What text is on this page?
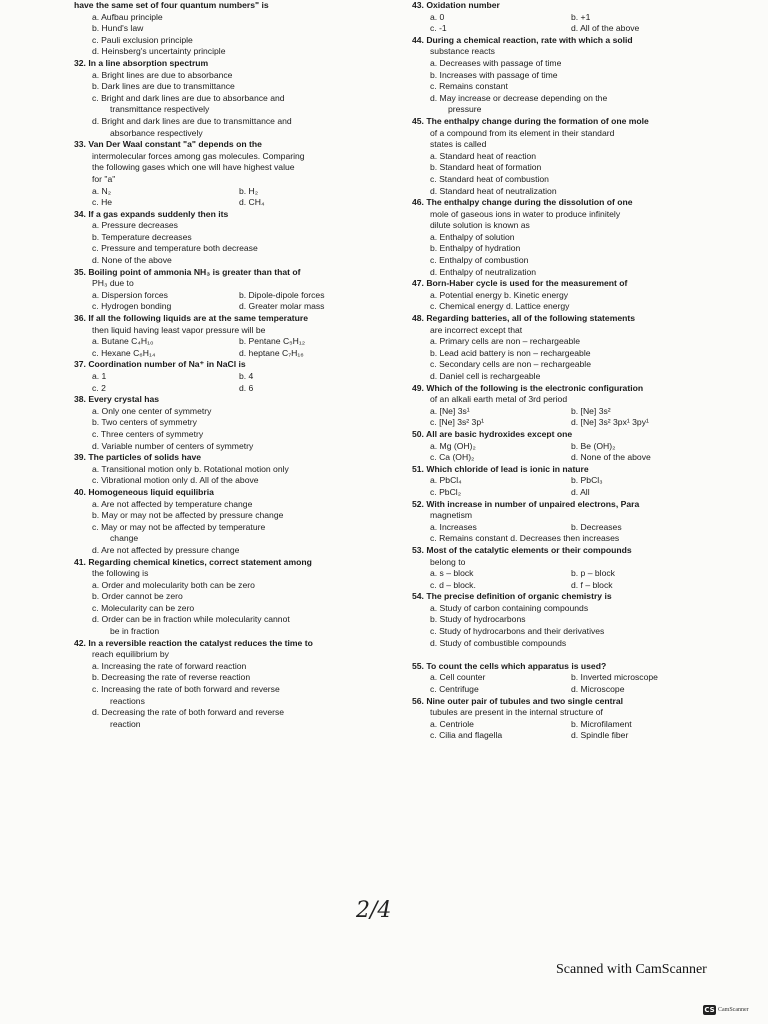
have the same set of four quantum numbers" is
a. Aufbau principle
b. Hund's law
c. Pauli exclusion principle
d. Heinsberg's uncertainty principle
32. In a line absorption spectrum
a. Bright lines are due to absorbance
b. Dark lines are due to transmittance
c. Bright and dark lines are due to absorbance and
transmittance respectively
d. Bright and dark lines are due to transmittance and
absorbance respectively
33. Van Der Waal constant "a" depends on the
intermolecular forces among gas molecules. Comparing
the following gases which one will have highest value
for "a"
a. N₂	b. H₂
c. He	d. CH₄
34. If a gas expands suddenly then its
a. Pressure decreases
b. Temperature decreases
c. Pressure and temperature both decrease
d. None of the above
35. Boiling point of ammonia NH₃ is greater than that of
PH₃ due to
a. Dispersion forces	b. Dipole-dipole forces
c. Hydrogen bonding	d. Greater molar mass
36. If all the following liquids are at the same temperature
then liquid having least vapor pressure will be
a. Butane C₄H₁₀	b. Pentane C₅H₁₂
c. Hexane C₆H₁₄	d. heptane C₇H₁₆
37. Coordination number of Na⁺ in NaCl is
a. 1	b. 4
c. 2	d. 6
38. Every crystal has
a. Only one center of symmetry
b. Two centers of symmetry
c. Three centers of symmetry
d. Variable number of centers of symmetry
39. The particles of solids have
a. Transitional motion only b. Rotational motion only
c. Vibrational motion only d. All of the above
40. Homogeneous liquid equilibria
a. Are not affected by temperature change
b. May or may not be affected by pressure change
c. May or may not be affected by temperature
change
d. Are not affected by pressure change
41. Regarding chemical kinetics, correct statement among
the following is
a. Order and molecularity both can be zero
b. Order cannot be zero
c. Molecularity can be zero
d. Order can be in fraction while molecularity cannot
be in fraction
42. In a reversible reaction the catalyst reduces the time to
reach equilibrium by
a. Increasing the rate of forward reaction
b. Decreasing the rate of reverse reaction
c. Increasing the rate of both forward and reverse
reactions
d. Decreasing the rate of both forward and reverse
reaction
43. Oxidation number
a. 0	b. +1
c. -1	d. All of the above
44. During a chemical reaction, rate with which a solid
substance reacts
a. Decreases with passage of time
b. Increases with passage of time
c. Remains constant
d. May increase or decrease depending on the
pressure
45. The enthalpy change during the formation of one mole
of a compound from its element in their standard
states is called
a. Standard heat of reaction
b. Standard heat of formation
c. Standard heat of combustion
d. Standard heat of neutralization
46. The enthalpy change during the dissolution of one
mole of gaseous ions in water to produce infinitely
dilute solution is known as
a. Enthalpy of solution
b. Enthalpy of hydration
c. Enthalpy of combustion
d. Enthalpy of neutralization
47. Born-Haber cycle is used for the measurement of
a. Potential energy b. Kinetic energy
c. Chemical energy d. Lattice energy
48. Regarding batteries, all of the following statements
are incorrect except that
a. Primary cells are non – rechargeable
b. Lead acid battery is non – rechargeable
c. Secondary cells are non – rechargeable
d. Daniel cell is rechargeable
49. Which of the following is the electronic configuration
of an alkali earth metal of 3rd period
a. [Ne] 3s¹	b. [Ne] 3s²
c. [Ne] 3s² 3p¹	d. [Ne] 3s² 3px¹ 3py¹
50. All are basic hydroxides except one
a. Mg (OH)₂	b. Be (OH)₂
c. Ca (OH)₂	d. None of the above
51. Which chloride of lead is ionic in nature
a. PbCl₄	b. PbCl₃
c. PbCl₂	d. All
52. With increase in number of unpaired electrons, Para
magnetism
a. Increases	b. Decreases
c. Remains constant d. Decreases then increases
53. Most of the catalytic elements or their compounds
belong to
a. s – block	b. p – block
c. d – block.	d. f – block
54. The precise definition of organic chemistry is
a. Study of carbon containing compounds
b. Study of hydrocarbons
c. Study of hydrocarbons and their derivatives
d. Study of combustible compounds
55. To count the cells which apparatus is used?
a. Cell counter	b. Inverted microscope
c. Centrifuge	d. Microscope
56. Nine outer pair of tubules and two single central
tubules are present in the internal structure of
a. Centriole	b. Microfilament
c. Cilia and flagella	d. Spindle fiber
2/4
Scanned with CamScanner
CS CamScanner
